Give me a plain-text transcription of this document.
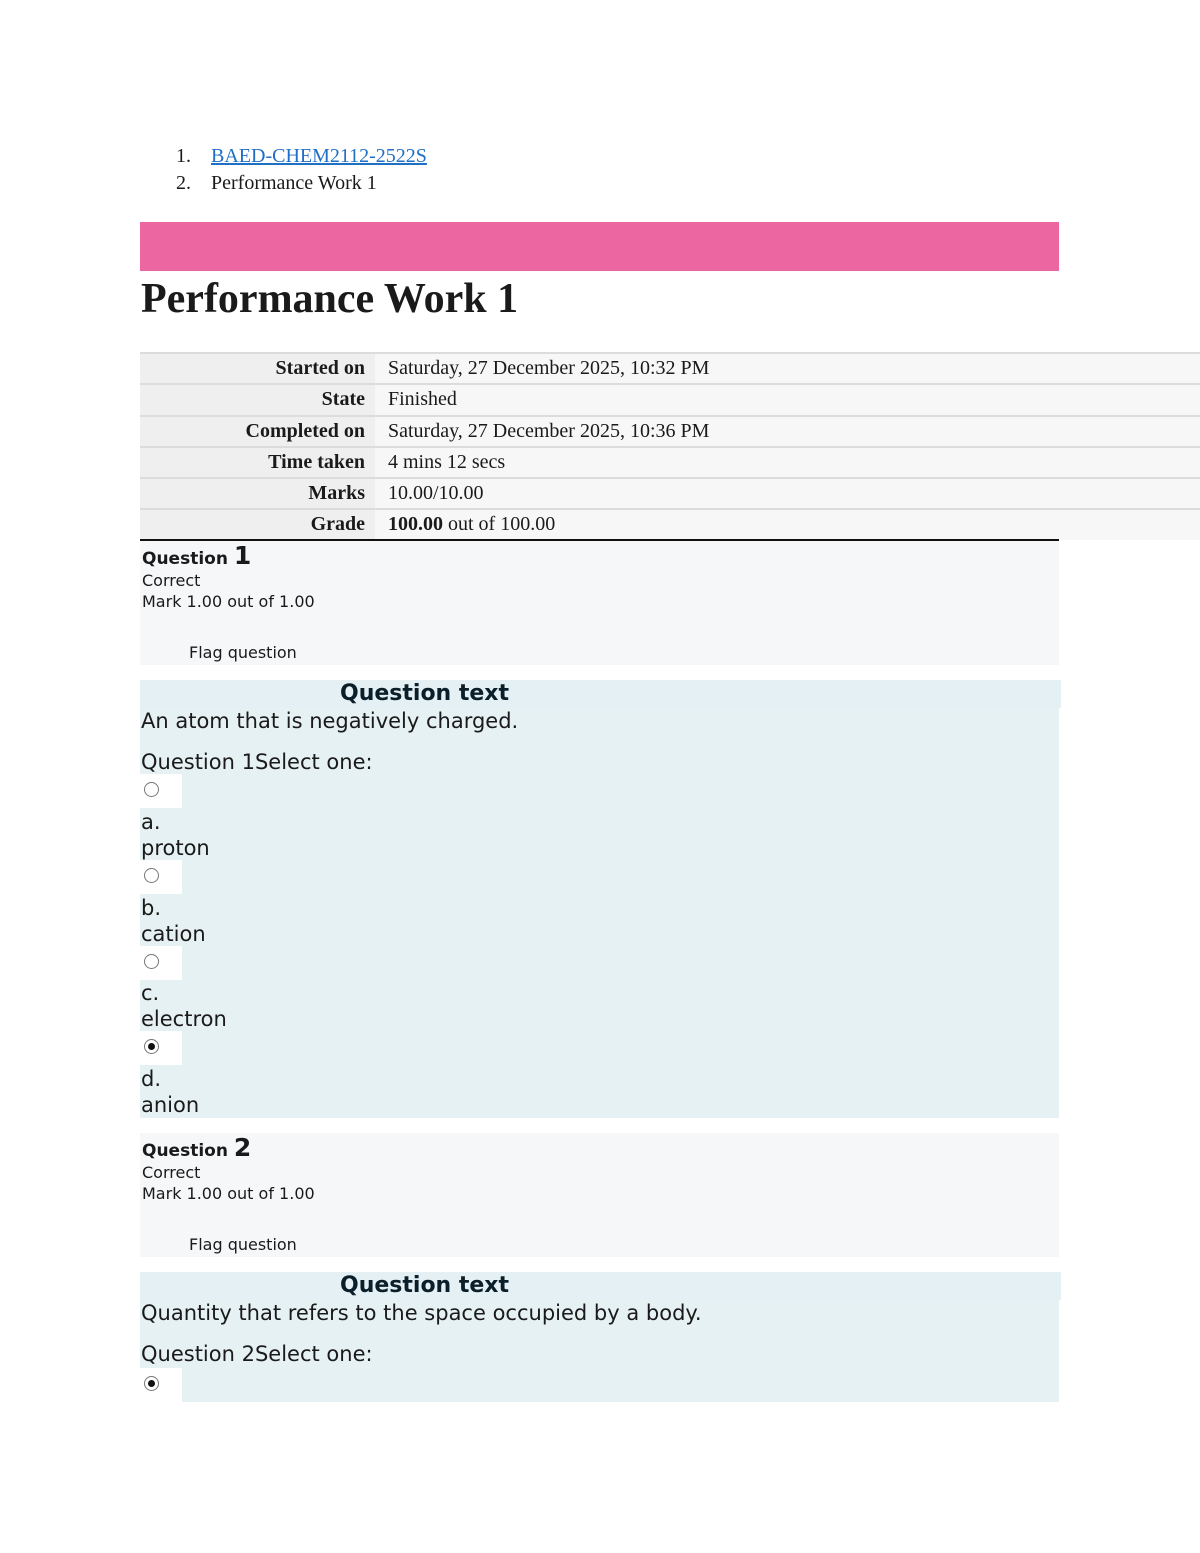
1. BAED-CHEM2112-2522S
2. Performance Work 1
Performance Work 1
Started on	Saturday, 27 December 2025, 10:32 PM
State	Finished
Completed on	Saturday, 27 December 2025, 10:36 PM
Time taken	4 mins 12 secs
Marks	10.00/10.00
Grade	100.00 out of 100.00
Question 1
Correct
Mark 1.00 out of 1.00
Flag question
Question text
An atom that is negatively charged.
Question 1Select one:
a.
proton
b.
cation
c.
electron
d.
anion
Question 2
Correct
Mark 1.00 out of 1.00
Flag question
Question text
Quantity that refers to the space occupied by a body.
Question 2Select one:
